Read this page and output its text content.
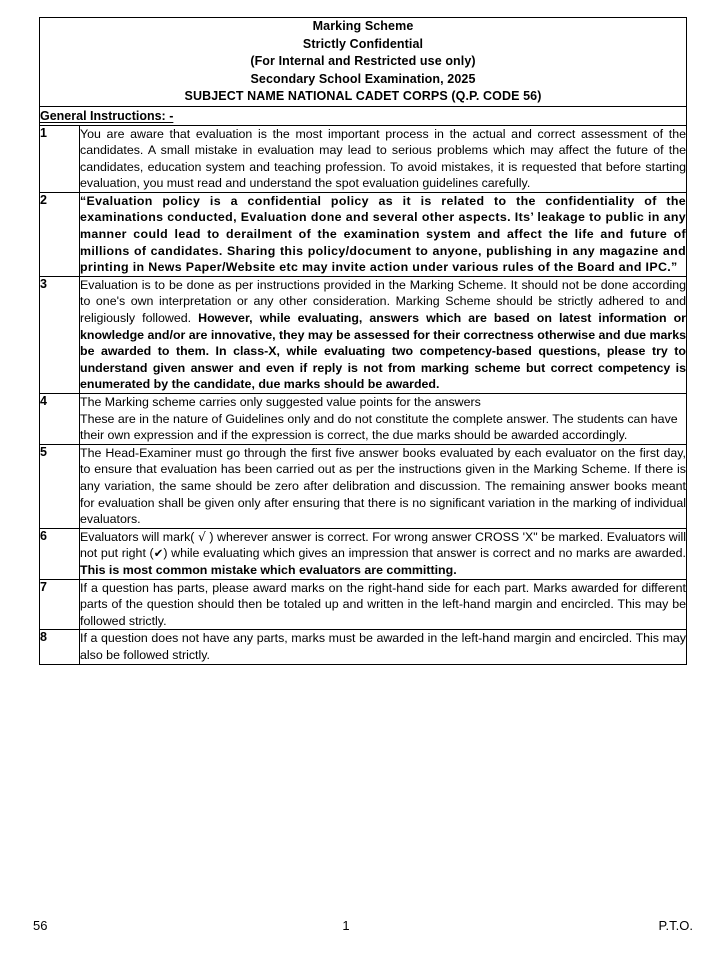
Marking Scheme
Strictly Confidential
(For Internal and Restricted use only)
Secondary School Examination, 2025
SUBJECT NAME NATIONAL CADET CORPS (Q.P. CODE 56)	

General Instructions: -	
1	You are aware that evaluation is the most important process in the actual and correct assessment of the candidates. A small mistake in evaluation may lead to serious problems which may affect the future of the candidates, education system and teaching profession. To avoid mistakes, it is requested that before starting evaluation, you must read and understand the spot evaluation guidelines carefully.

2	“Evaluation policy is a confidential policy as it is related to the confidentiality of the examinations conducted, Evaluation done and several other aspects. Its’ leakage to public in any manner could lead to derailment of the examination system and affect the life and future of millions of candidates. Sharing this policy/document to anyone, publishing in any magazine and printing in News Paper/Website etc may invite action under various rules of the Board and IPC.”

3	Evaluation is to be done as per instructions provided in the Marking Scheme. It should not be done according to one's own interpretation or any other consideration. Marking Scheme should be strictly adhered to and religiously followed. However, while evaluating, answers which are based on latest information or knowledge and/or are innovative, they may be assessed for their correctness otherwise and due marks be awarded to them. In class-X, while evaluating two competency-based questions, please try to understand given answer and even if reply is not from marking scheme but correct competency is enumerated by the candidate, due marks should be awarded.

4	The Marking scheme carries only suggested value points for the answers

These are in the nature of Guidelines only and do not constitute the complete answer. The students can have their own expression and if the expression is correct, the due marks should be awarded accordingly.

5	The Head-Examiner must go through the first five answer books evaluated by each evaluator on the first day, to ensure that evaluation has been carried out as per the instructions given in the Marking Scheme. If there is any variation, the same should be zero after delibration and discussion. The remaining answer books meant for evaluation shall be given only after ensuring that there is no significant variation in the marking of individual evaluators.

6	Evaluators will mark( √ ) wherever answer is correct. For wrong answer CROSS 'X" be marked. Evaluators will not put right (✔) while evaluating which gives an impression that answer is correct and no marks are awarded. This is most common mistake which evaluators are committing.

7	If a question has parts, please award marks on the right-hand side for each part. Marks awarded for different parts of the question should then be totaled up and written in the left-hand margin and encircled. This may be followed strictly.

8	If a question does not have any parts, marks must be awarded in the left-hand margin and encircled. This may also be followed strictly.

56	1	P.T.O.
